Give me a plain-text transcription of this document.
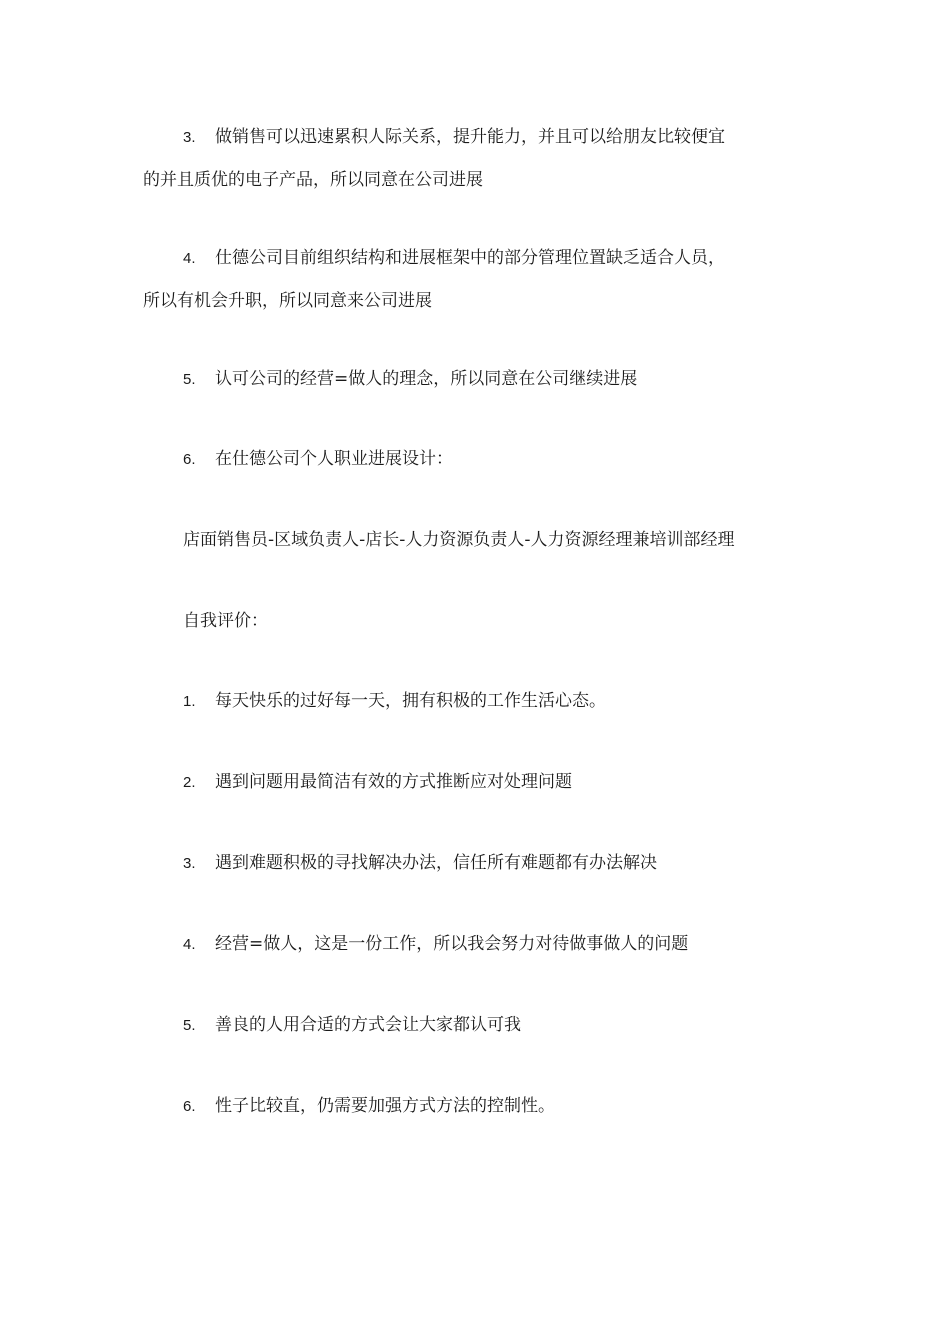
3. 做销售可以迅速累积人际关系，提升能力，并且可以给朋友比较便宜
的并且质优的电子产品，所以同意在公司进展

4. 仕德公司目前组织结构和进展框架中的部分管理位置缺乏适合人员，
所以有机会升职，所以同意来公司进展

5. 认可公司的经营=做人的理念，所以同意在公司继续进展

6. 在仕德公司个人职业进展设计：

店面销售员-区域负责人-店长-人力资源负责人-人力资源经理兼培训部经理

自我评价：

1. 每天快乐的过好每一天，拥有积极的工作生活心态。

2. 遇到问题用最简洁有效的方式推断应对处理问题

3. 遇到难题积极的寻找解决办法，信任所有难题都有办法解决

4. 经营=做人，这是一份工作，所以我会努力对待做事做人的问题

5. 善良的人用合适的方式会让大家都认可我

6. 性子比较直，仍需要加强方式方法的控制性。
